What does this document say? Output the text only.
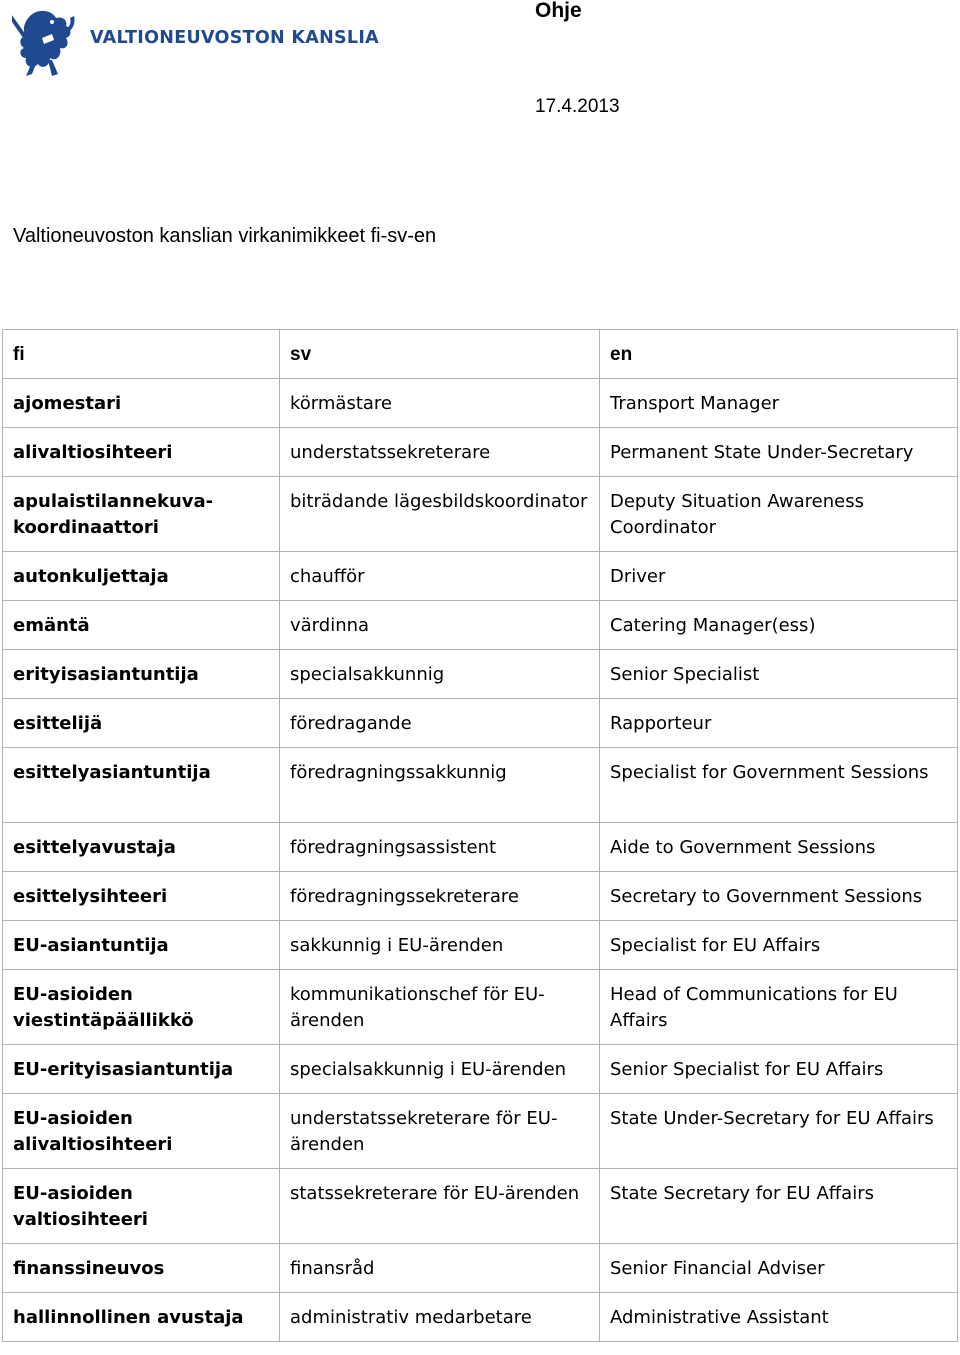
VALTIONEUVOSTON KANSLIA
Ohje
17.4.2013
Valtioneuvoston kanslian virkanimikkeet fi-sv-en
fi	sv	en
ajomestari	körmästare	Transport Manager
alivaltiosihteeri	understatssekreterare	Permanent State Under-Secretary
apulaistilannekuva-koordinaattori	biträdande lägesbildskoordinator	Deputy Situation Awareness Coordinator
autonkuljettaja	chaufför	Driver
emäntä	värdinna	Catering Manager(ess)
erityisasiantuntija	specialsakkunnig	Senior Specialist
esittelijä	föredragande	Rapporteur
esittelyasiantuntija	föredragningssakkunnig	Specialist for Government Sessions
esittelyavustaja	föredragningsassistent	Aide to Government Sessions
esittelysihteeri	föredragningssekreterare	Secretary to Government Sessions
EU-asiantuntija	sakkunnig i EU-ärenden	Specialist for EU Affairs
EU-asioiden viestintäpäällikkö	kommunikationschef för EU-ärenden	Head of Communications for EU Affairs
EU-erityisasiantuntija	specialsakkunnig i EU-ärenden	Senior Specialist for EU Affairs
EU-asioiden alivaltiosihteeri	understatssekreterare för EU-ärenden	State Under-Secretary for EU Affairs
EU-asioiden valtiosihteeri	statssekreterare för EU-ärenden	State Secretary for EU Affairs
finanssineuvos	finansråd	Senior Financial Adviser
hallinnollinen avustaja	administrativ medarbetare	Administrative Assistant
